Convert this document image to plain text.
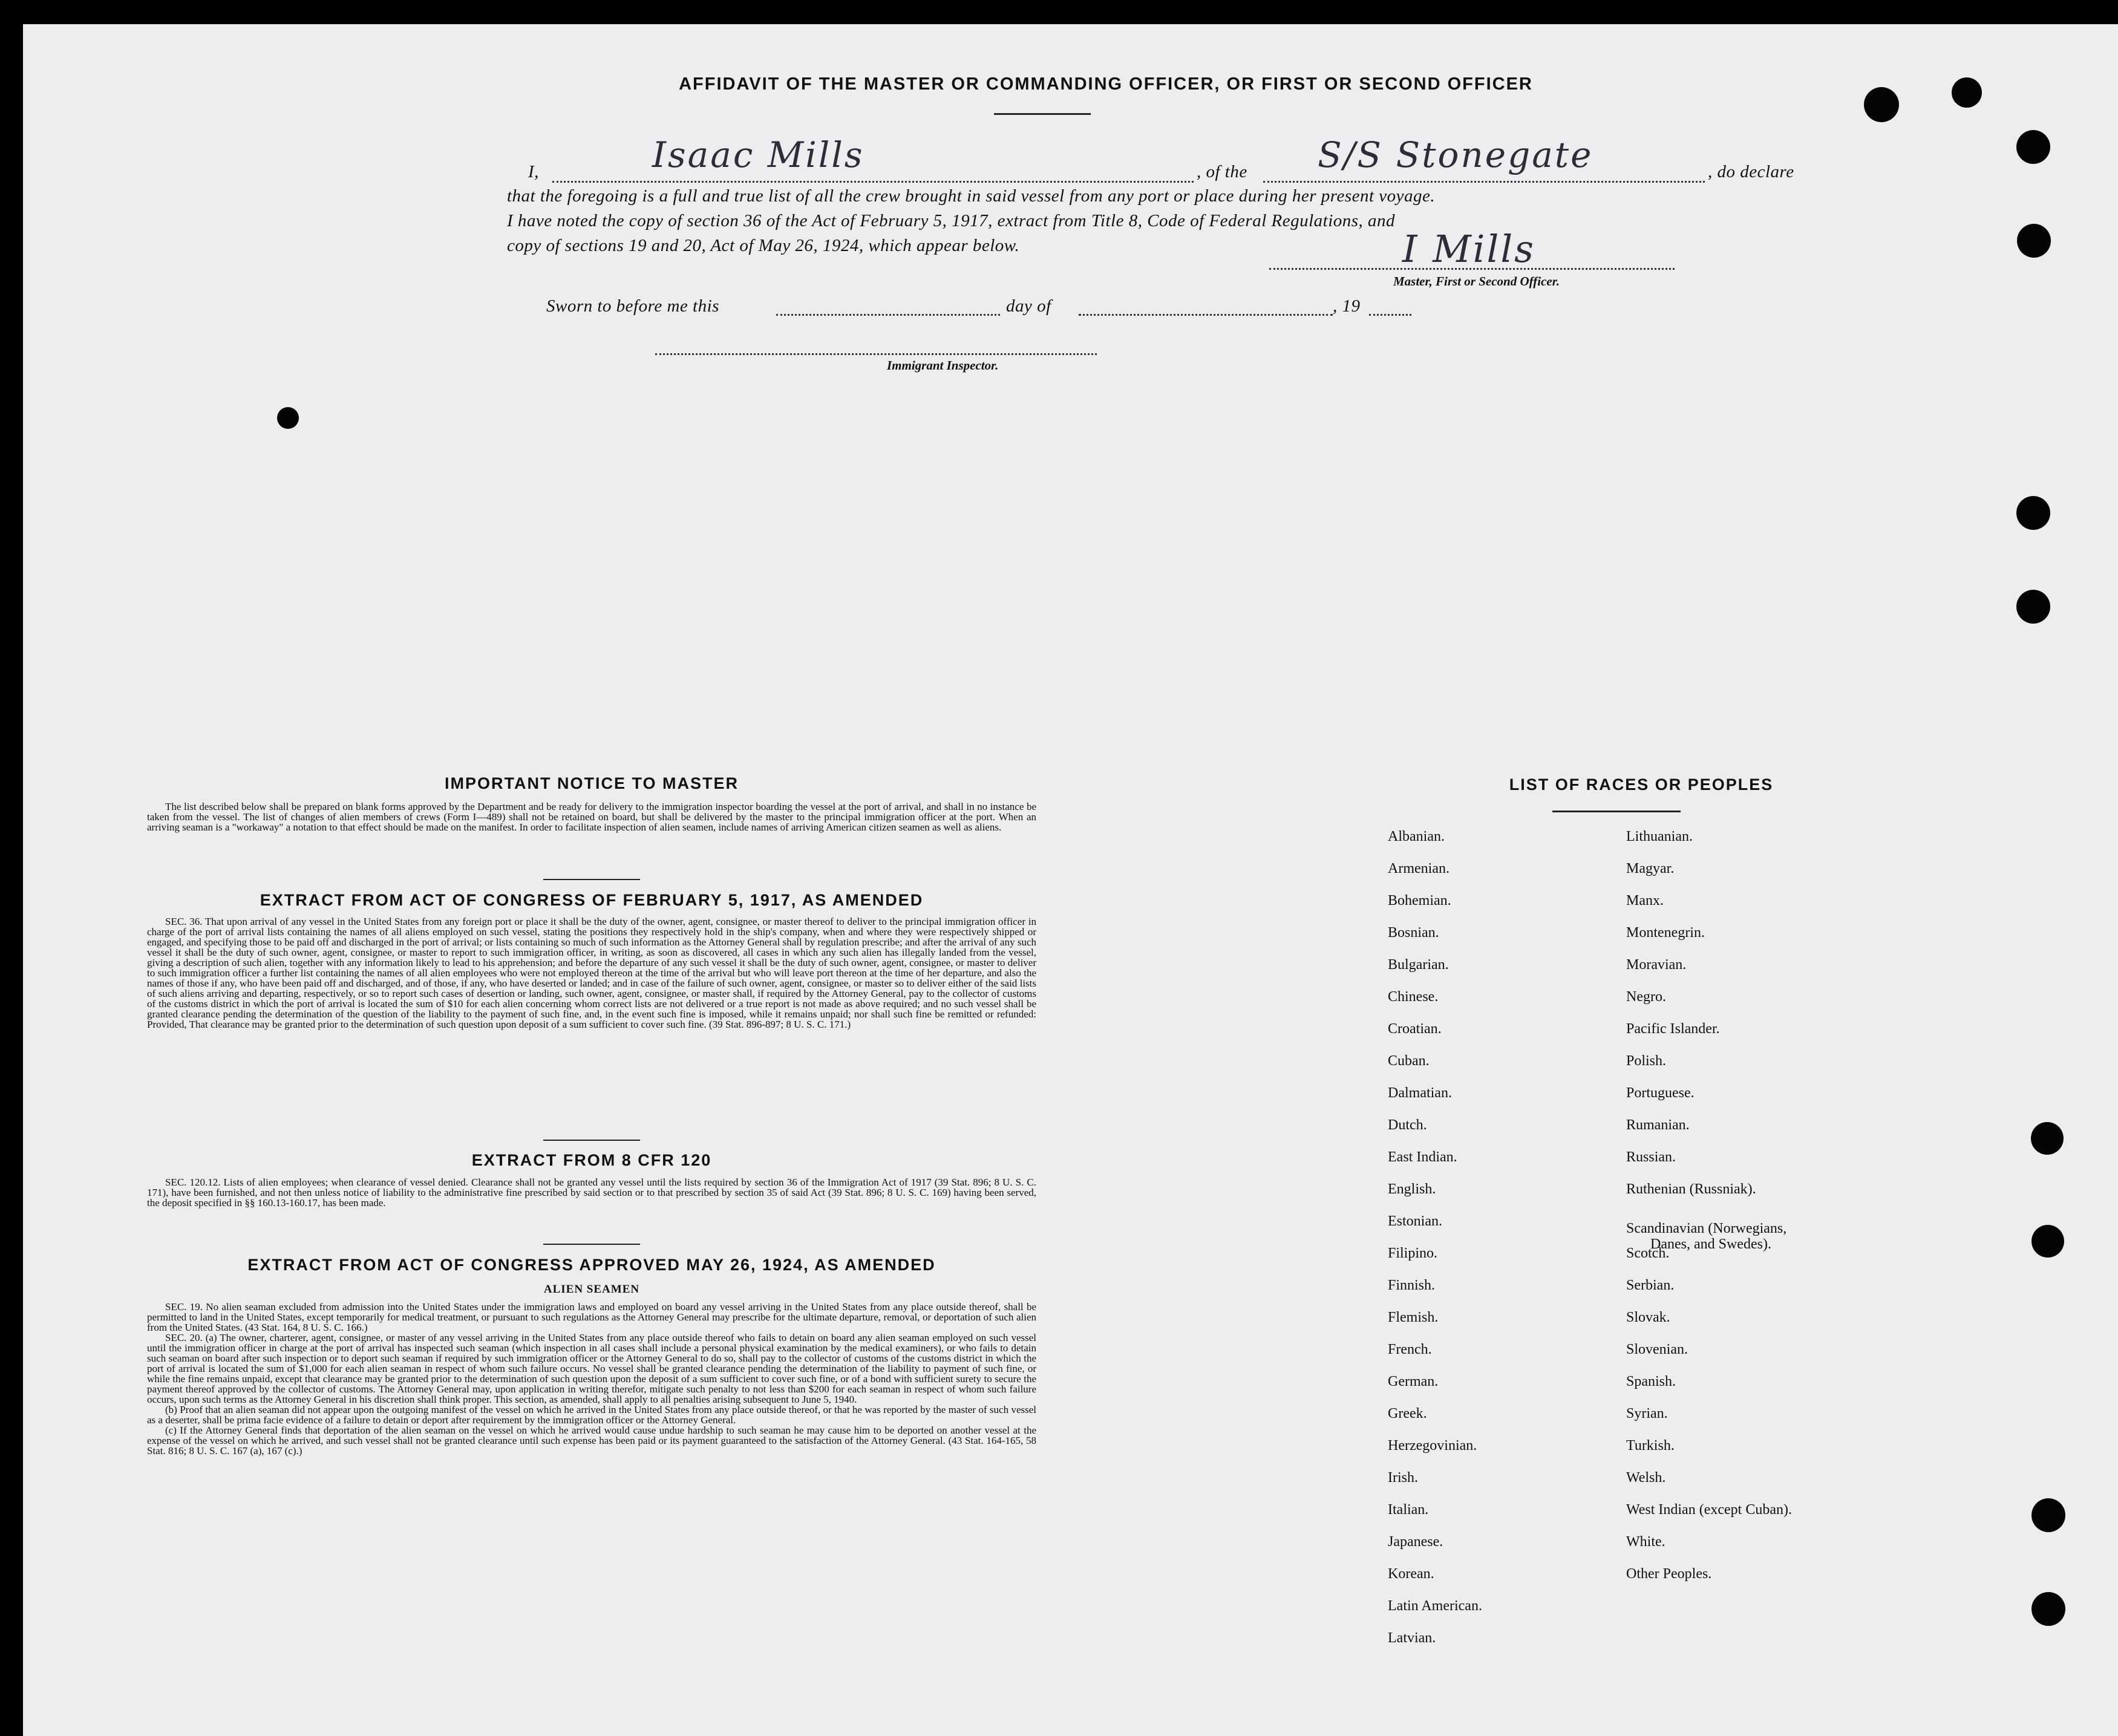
AFFIDAVIT OF THE MASTER OR COMMANDING OFFICER, OR FIRST OR SECOND OFFICER
I,	Isaac Mills	, of the S/S Stonegate	, do declare
that the foregoing is a full and true list of all the crew brought in said vessel from any port or place during her present voyage.
I have noted the copy of section 36 of the Act of February 5, 1917, extract from Title 8, Code of Federal Regulations, and
copy of sections 19 and 20, Act of May 26, 1924, which appear below.	I Mills
Master, First or Second Officer.
Sworn to before me this	day of	, 19
Immigrant Inspector.
IMPORTANT NOTICE TO MASTER

The list described below shall be prepared on blank forms approved by the Department and be ready for delivery to the immigration inspector boarding the vessel at the port of arrival, and shall in no instance be taken from the vessel. The list of changes of alien members of crews (Form I—489) shall not be retained on board, but shall be delivered by the master to the principal immigration officer at the port. When an arriving seaman is a "workaway" a notation to that effect should be made on the manifest. In order to facilitate inspection of alien seamen, include names of arriving American citizen seamen as well as aliens.

EXTRACT FROM ACT OF CONGRESS OF FEBRUARY 5, 1917, AS AMENDED

SEC. 36. That upon arrival of any vessel in the United States from any foreign port or place it shall be the duty of the owner, agent, consignee, or master thereof to deliver to the principal immigration officer in charge of the port of arrival lists containing the names of all aliens employed on such vessel, stating the positions they respectively hold in the ship's company, when and where they were respectively shipped or engaged, and specifying those to be paid off and discharged in the port of arrival; or lists containing so much of such information as the Attorney General shall by regulation prescribe; and after the arrival of any such vessel it shall be the duty of such owner, agent, consignee, or master to report to such immigration officer, in writing, as soon as discovered, all cases in which any such alien has illegally landed from the vessel, giving a description of such alien, together with any information likely to lead to his apprehension; and before the departure of any such vessel it shall be the duty of such owner, agent, consignee, or master to deliver to such immigration officer a further list containing the names of all alien employees who were not employed thereon at the time of the arrival but who will leave port thereon at the time of her departure, and also the names of those if any, who have been paid off and discharged, and of those, if any, who have deserted or landed; and in case of the failure of such owner, agent, consignee, or master so to deliver either of the said lists of such aliens arriving and departing, respectively, or so to report such cases of desertion or landing, such owner, agent, consignee, or master shall, if required by the Attorney General, pay to the collector of customs of the customs district in which the port of arrival is located the sum of $10 for each alien concerning whom correct lists are not delivered or a true report is not made as above required; and no such vessel shall be granted clearance pending the determination of the question of the liability to the payment of such fine, and, in the event such fine is imposed, while it remains unpaid; nor shall such fine be remitted or refunded: Provided, That clearance may be granted prior to the determination of such question upon deposit of a sum sufficient to cover such fine. (39 Stat. 896-897; 8 U. S. C. 171.)

EXTRACT FROM 8 CFR 120

SEC. 120.12. Lists of alien employees; when clearance of vessel denied. Clearance shall not be granted any vessel until the lists required by section 36 of the Immigration Act of 1917 (39 Stat. 896; 8 U. S. C. 171), have been furnished, and not then unless notice of liability to the administrative fine prescribed by said section or to that prescribed by section 35 of said Act (39 Stat. 896; 8 U. S. C. 169) having been served, the deposit specified in §§ 160.13-160.17, has been made.

EXTRACT FROM ACT OF CONGRESS APPROVED MAY 26, 1924, AS AMENDED
ALIEN SEAMEN

SEC. 19. No alien seaman excluded from admission into the United States under the immigration laws and employed on board any vessel arriving in the United States from any place outside thereof, shall be permitted to land in the United States, except temporarily for medical treatment, or pursuant to such regulations as the Attorney General may prescribe for the ultimate departure, removal, or deportation of such alien from the United States. (43 Stat. 164, 8 U. S. C. 166.)

SEC. 20. (a) The owner, charterer, agent, consignee, or master of any vessel arriving in the United States from any place outside thereof who fails to detain on board any alien seaman employed on such vessel until the immigration officer in charge at the port of arrival has inspected such seaman (which inspection in all cases shall include a personal physical examination by the medical examiners), or who fails to detain such seaman on board after such inspection or to deport such seaman if required by such immigration officer or the Attorney General to do so, shall pay to the collector of customs of the customs district in which the port of arrival is located the sum of $1,000 for each alien seaman in respect of whom such failure occurs. No vessel shall be granted clearance pending the determination of the liability to payment of such fine, or while the fine remains unpaid, except that clearance may be granted prior to the determination of such question upon the deposit of a sum sufficient to cover such fine, or of a bond with sufficient surety to secure the payment thereof approved by the collector of customs. The Attorney General may, upon application in writing therefor, mitigate such penalty to not less than $200 for each seaman in respect of whom such failure occurs, upon such terms as the Attorney General in his discretion shall think proper. This section, as amended, shall apply to all penalties arising subsequent to June 5, 1940.

(b) Proof that an alien seaman did not appear upon the outgoing manifest of the vessel on which he arrived in the United States from any place outside thereof, or that he was reported by the master of such vessel as a deserter, shall be prima facie evidence of a failure to detain or deport after requirement by the immigration officer or the Attorney General.

(c) If the Attorney General finds that deportation of the alien seaman on the vessel on which he arrived would cause undue hardship to such seaman he may cause him to be deported on another vessel at the expense of the vessel on which he arrived, and such vessel shall not be granted clearance until such expense has been paid or its payment guaranteed to the satisfaction of the Attorney General. (43 Stat. 164-165, 58 Stat. 816; 8 U. S. C. 167 (a), 167 (c).)

LIST OF RACES OR PEOPLES
Albanian.
Armenian.
Bohemian.
Bosnian.
Bulgarian.
Chinese.
Croatian.
Cuban.
Dalmatian.
Dutch.
East Indian.
English.
Estonian.
Filipino.
Finnish.
Flemish.
French.
German.
Greek.
Herzegovinian.
Irish.
Italian.
Japanese.
Korean.
Latin American.
Latvian.
Lithuanian.
Magyar.
Manx.
Montenegrin.
Moravian.
Negro.
Pacific Islander.
Polish.
Portuguese.
Rumanian.
Russian.
Ruthenian (Russniak).
Scandinavian (Norwegians,
Danes, and Swedes).
Scotch.
Serbian.
Slovak.
Slovenian.
Spanish.
Syrian.
Turkish.
Welsh.
West Indian (except Cuban).
White.
Other Peoples.
